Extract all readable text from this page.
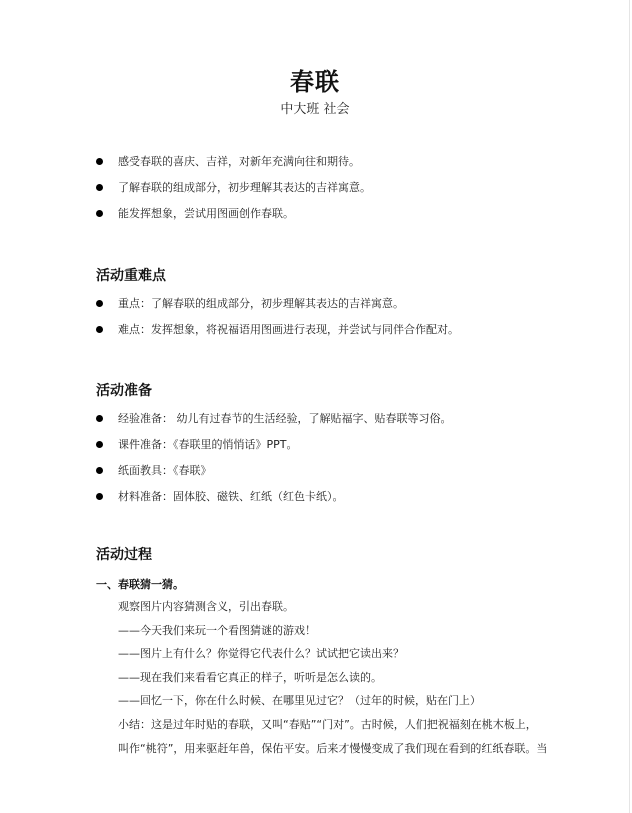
春联
中大班 社会
感受春联的喜庆、吉祥，对新年充满向往和期待。
了解春联的组成部分，初步理解其表达的吉祥寓意。
能发挥想象，尝试用图画创作春联。
活动重难点
重点：了解春联的组成部分，初步理解其表达的吉祥寓意。
难点：发挥想象，将祝福语用图画进行表现，并尝试与同伴合作配对。
活动准备
经验准备： 幼儿有过春节的生活经验，了解贴福字、贴春联等习俗。
课件准备：《春联里的悄悄话》PPT。
纸面教具：《春联》
材料准备：固体胶、磁铁、红纸（红色卡纸）。
活动过程
一、春联猜一猜。
观察图片内容猜测含义，引出春联。
——今天我们来玩一个看图猜谜的游戏！
——图片上有什么？你觉得它代表什么？试试把它读出来？
——现在我们来看看它真正的样子，听听是怎么读的。
——回忆一下，你在什么时候、在哪里见过它？（过年的时候，贴在门上）
小结：这是过年时贴的春联，又叫“春贴”“门对”。古时候，人们把祝福刻在桃木板上，
叫作“桃符”，用来驱赶年兽，保佑平安。后来才慢慢变成了我们现在看到的红纸春联。当
